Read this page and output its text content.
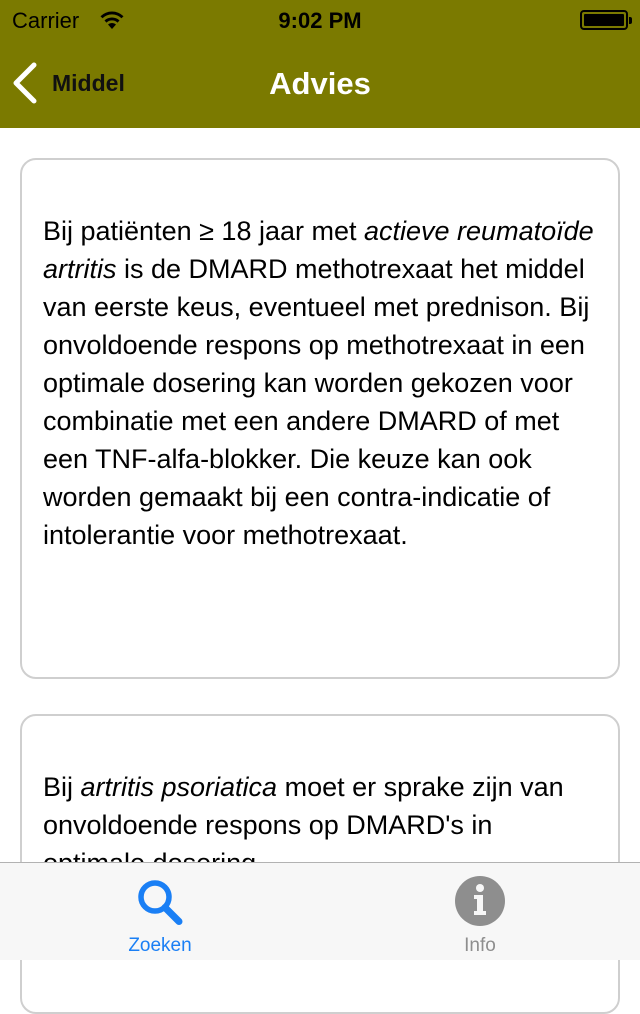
Carrier	9:02 PM
Middel	Advies

Bij patiënten ≥ 18 jaar met actieve reumatoïde artritis is de DMARD methotrexaat het middel van eerste keus, eventueel met prednison. Bij onvoldoende respons op methotrexaat in een optimale dosering kan worden gekozen voor combinatie met een andere DMARD of met een TNF-alfa-blokker. Die keuze kan ook worden gemaakt bij een contra-indicatie of intolerantie voor methotrexaat.

Bij artritis psoriatica moet er sprake zijn van onvoldoende respons op DMARD's in

Zoeken	Info
